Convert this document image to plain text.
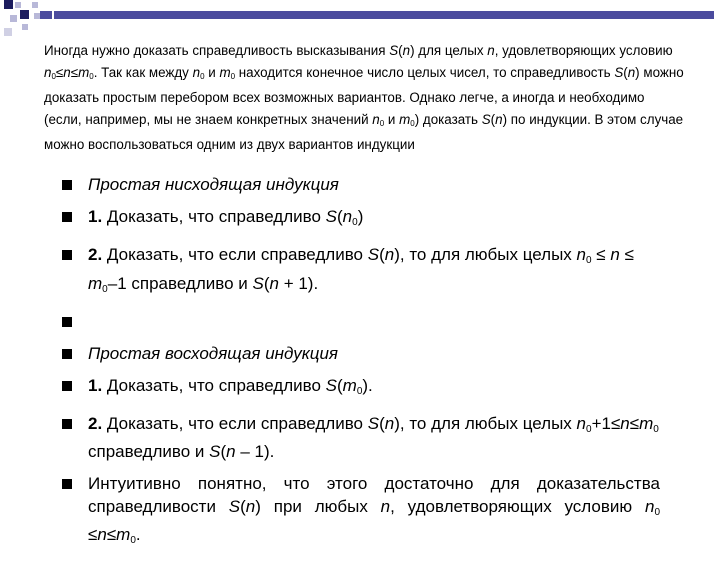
Иногда нужно доказать справедливость высказывания S(n) для целых n, удовлетворяющих условию $n_0\le n\le m_0$. Так как между $n_0$ и $m_0$ находится конечное число целых чисел, то справедливость S(n) можно доказать простым перебором всех возможных вариантов. Однако легче, а иногда и необходимо (если, например, мы не знаем конкретных значений $n_0$ и $m_0$) доказать S(n) по индукции. В этом случае можно воспользоваться одним из двух вариантов индукции
Простая нисходящая индукция
1. Доказать, что справедливо $S(n_0)$
2. Доказать, что если справедливо S(n), то для любых целых $n_0 \le n \le m_0-1$ справедливо и S(n + 1).
Простая восходящая индукция
1. Доказать, что справедливо $S(m_0)$.
2. Доказать, что если справедливо S(n), то для любых целых $n_0+1\le n\le m_0$ справедливо и S(n – 1).
Интуитивно понятно, что этого достаточно для доказательства справедливости S(n) при любых n, удовлетворяющих условию $n_0 \le n\le m_0$.
